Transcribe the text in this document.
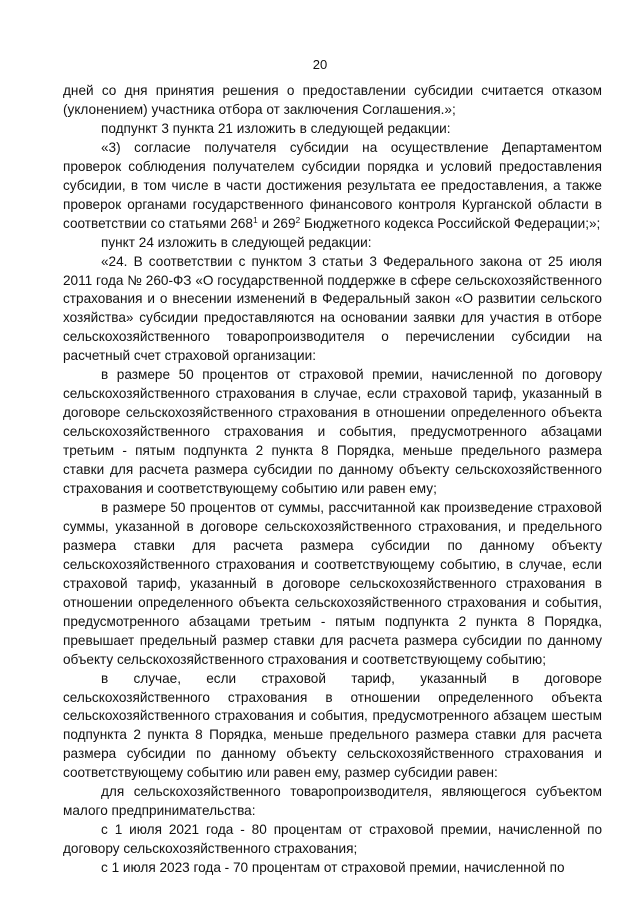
20

дней со дня принятия решения о предоставлении субсидии считается отказом (уклонением) участника отбора от заключения Соглашения.»;

подпункт 3 пункта 21 изложить в следующей редакции:

«3) согласие получателя субсидии на осуществление Департаментом проверок соблюдения получателем субсидии порядка и условий предоставления субсидии, в том числе в части достижения результата ее предоставления, а также проверок органами государственного финансового контроля Курганской области в соответствии со статьями $268^1$ и $269^2$ Бюджетного кодекса Российской Федерации;»;

пункт 24 изложить в следующей редакции:

«24. В соответствии с пунктом 3 статьи 3 Федерального закона от 25 июля 2011 года № 260-ФЗ «О государственной поддержке в сфере сельскохозяйственного страхования и о внесении изменений в Федеральный закон «О развитии сельского хозяйства» субсидии предоставляются на основании заявки для участия в отборе сельскохозяйственного товаропроизводителя о перечислении субсидии на расчетный счет страховой организации:

в размере 50 процентов от страховой премии, начисленной по договору сельскохозяйственного страхования в случае, если страховой тариф, указанный в договоре сельскохозяйственного страхования в отношении определенного объекта сельскохозяйственного страхования и события, предусмотренного абзацами третьим - пятым подпункта 2 пункта 8 Порядка, меньше предельного размера ставки для расчета размера субсидии по данному объекту сельскохозяйственного страхования и соответствующему событию или равен ему;

в размере 50 процентов от суммы, рассчитанной как произведение страховой суммы, указанной в договоре сельскохозяйственного страхования, и предельного размера ставки для расчета размера субсидии по данному объекту сельскохозяйственного страхования и соответствующему событию, в случае, если страховой тариф, указанный в договоре сельскохозяйственного страхования в отношении определенного объекта сельскохозяйственного страхования и события, предусмотренного абзацами третьим - пятым подпункта 2 пункта 8 Порядка, превышает предельный размер ставки для расчета размера субсидии по данному объекту сельскохозяйственного страхования и соответствующему событию;

в случае, если страховой тариф, указанный в договоре сельскохозяйственного страхования в отношении определенного объекта сельскохозяйственного страхования и события, предусмотренного абзацем шестым подпункта 2 пункта 8 Порядка, меньше предельного размера ставки для расчета размера субсидии по данному объекту сельскохозяйственного страхования и соответствующему событию или равен ему, размер субсидии равен:

для сельскохозяйственного товаропроизводителя, являющегося субъектом малого предпринимательства:

с 1 июля 2021 года - 80 процентам от страховой премии, начисленной по договору сельскохозяйственного страхования;

с 1 июля 2023 года - 70 процентам от страховой премии, начисленной по
